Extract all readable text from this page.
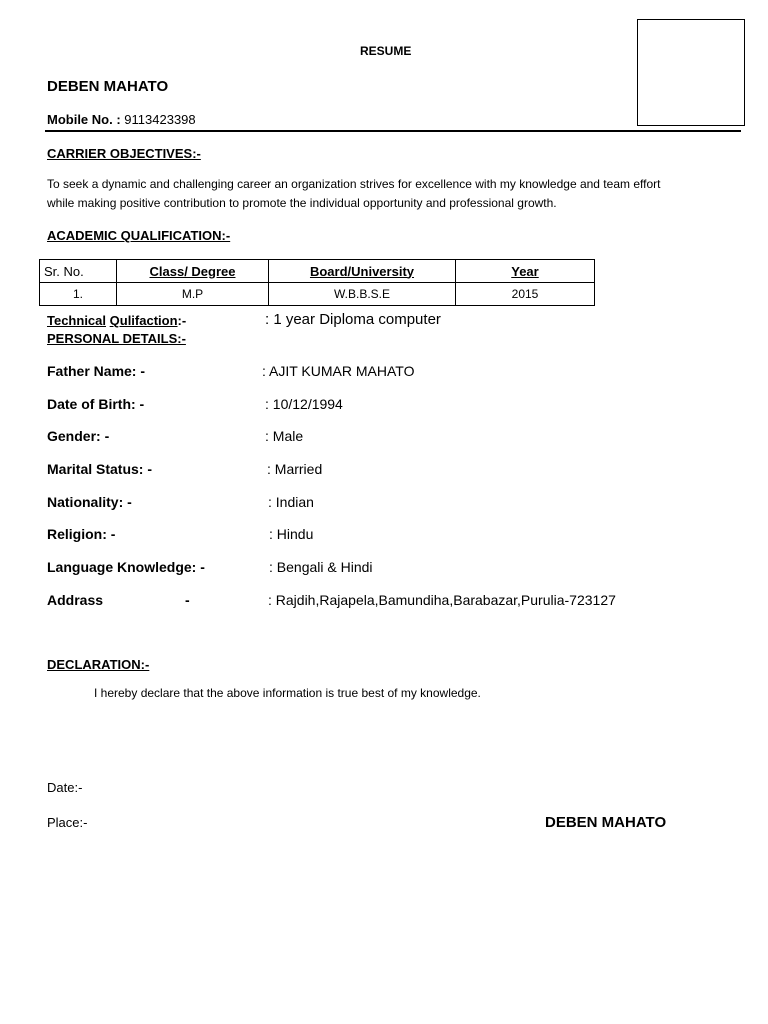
RESUME
DEBEN MAHATO
Mobile No. : 9113423398
CARRIER OBJECTIVES:-
To seek a dynamic and challenging career an organization strives for excellence with my knowledge and team effort
while making positive contribution to promote the individual opportunity and professional growth.
ACADEMIC QUALIFICATION:-
Sr. No.	Class/ Degree	Board/University	Year
1.	M.P	W.B.B.S.E	2015
Technical Qulifaction:-	: 1 year Diploma computer
PERSONAL DETAILS:-
Father Name: -	: AJIT KUMAR MAHATO
Date of Birth: -	: 10/12/1994
Gender: -	: Male
Marital Status: -	: Married
Nationality: -	: Indian
Religion: -	: Hindu
Language Knowledge: -	: Bengali & Hindi
Addrass	-	: Rajdih,Rajapela,Bamundiha,Barabazar,Purulia-723127
DECLARATION:-
I hereby declare that the above information is true best of my knowledge.
Date:-
Place:-	DEBEN MAHATO
